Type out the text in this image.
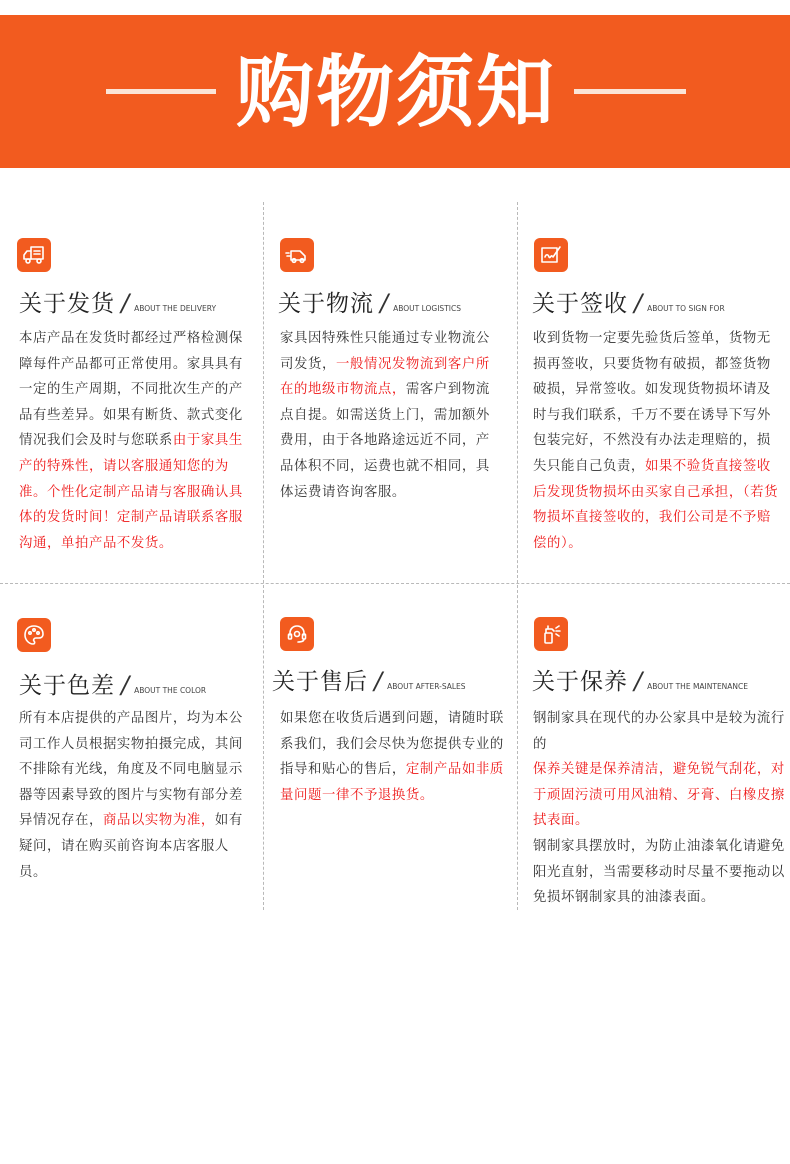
购物须知
关于发货 / ABOUT THE DELIVERY

本店产品在发货时都经过严格检测保障每件产品都可正常使用。家具具有一定的生产周期，不同批次生产的产品有些差异。如果有断货、款式变化情况我们会及时与您联系由于家具生产的特殊性，请以客服通知您的为准。个性化定制产品请与客服确认具体的发货时间！定制产品请联系客服沟通，单拍产品不发货。

关于物流 / ABOUT LOGISTICS

家具因特殊性只能通过专业物流公司发货，一般情况发物流到客户所在的地级市物流点，需客户到物流点自提。如需送货上门，需加额外费用，由于各地路途远近不同，产品体积不同，运费也就不相同，具体运费请咨询客服。

关于签收 / ABOUT TO SIGN FOR

收到货物一定要先验货后签单，货物无损再签收，只要货物有破损，都签货物破损，异常签收。如发现货物损坏请及时与我们联系，千万不要在诱导下写外包装完好，不然没有办法走理赔的，损失只能自己负责，如果不验货直接签收后发现货物损坏由买家自己承担，（若货物损坏直接签收的，我们公司是不予赔偿的）。

关于色差 / ABOUT THE COLOR

所有本店提供的产品图片，均为本公司工作人员根据实物拍摄完成，其间不排除有光线，角度及不同电脑显示器等因素导致的图片与实物有部分差异情况存在，商品以实物为准，如有疑问，请在购买前咨询本店客服人员。

关于售后 / ABOUT AFTER-SALES

如果您在收货后遇到问题，请随时联系我们，我们会尽快为您提供专业的指导和贴心的售后，定制产品如非质量问题一律不予退换货。

关于保养 / ABOUT THE MAINTENANCE

钢制家具在现代的办公家具中是较为流行的

保养关键是保养清洁，避免锐气刮花，对于顽固污渍可用风油精、牙膏、白橡皮擦拭表面。

钢制家具摆放时，为防止油漆氧化请避免阳光直射，当需要移动时尽量不要拖动以免损坏钢制家具的油漆表面。
